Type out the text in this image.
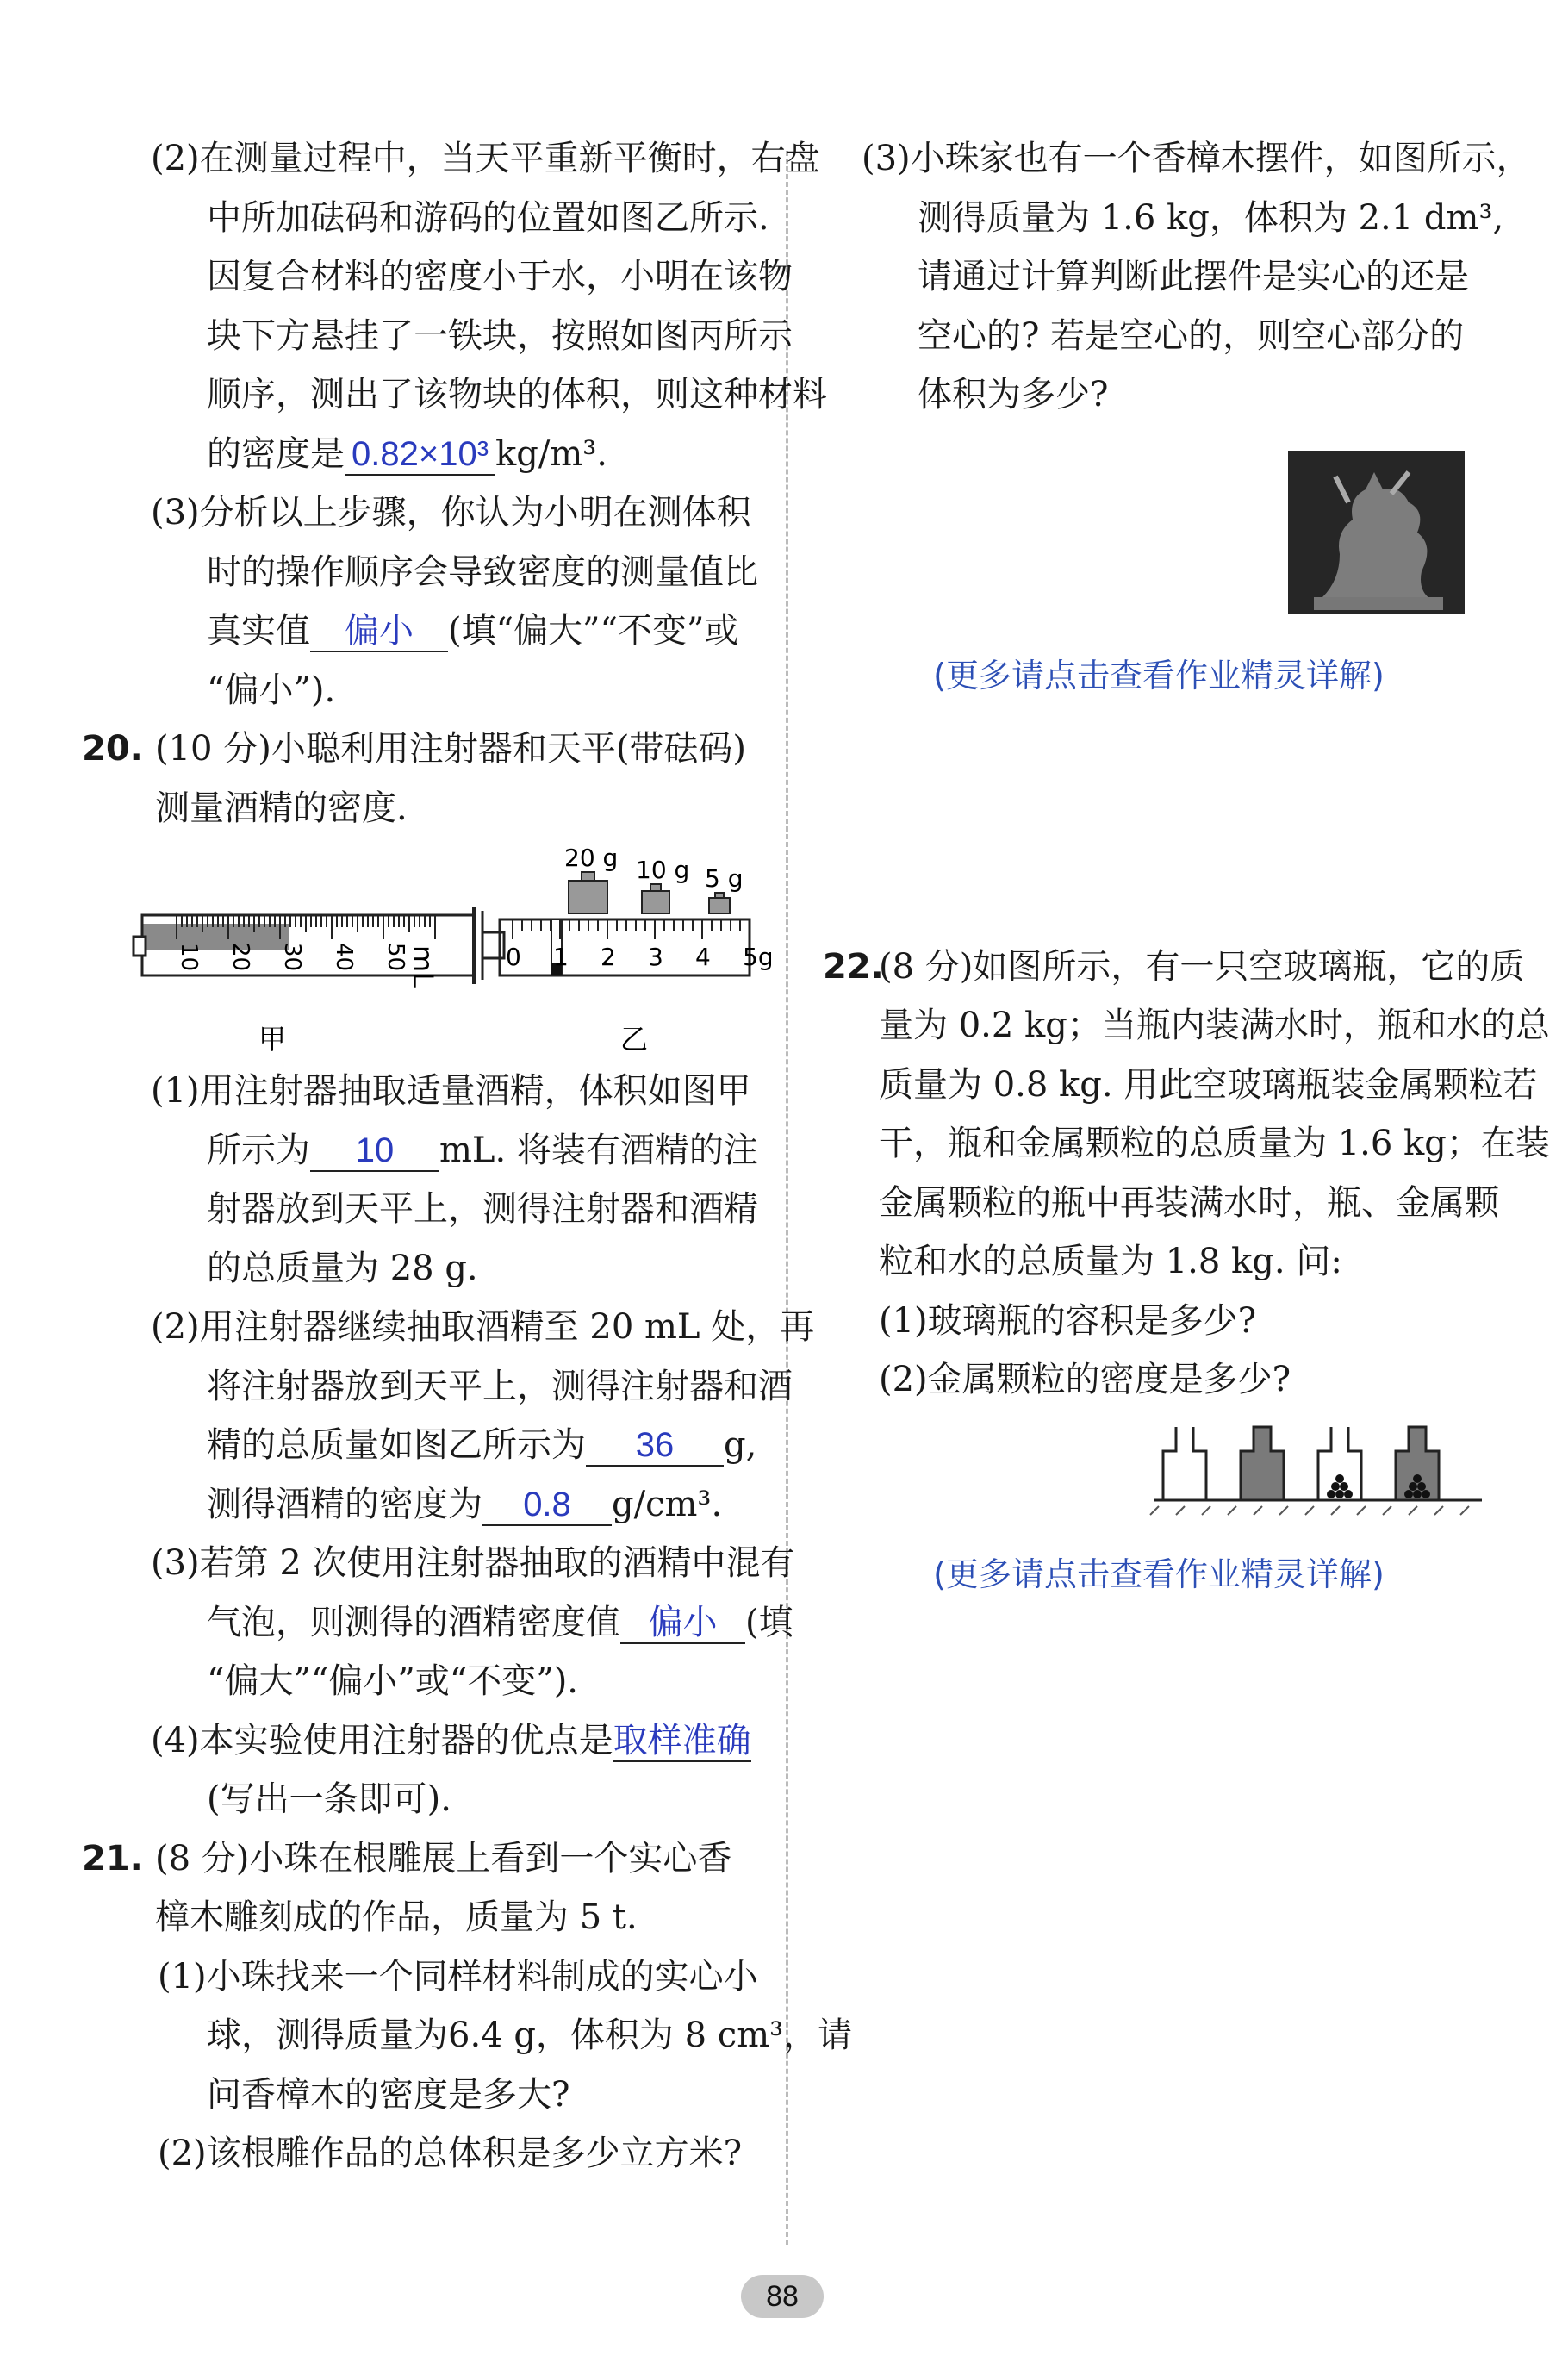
(2)在测量过程中，当天平重新平衡时，右盘
中所加砝码和游码的位置如图乙所示.
因复合材料的密度小于水，小明在该物
块下方悬挂了一铁块，按照如图丙所示
顺序，测出了该物块的体积，则这种材料
的密度是 0.82×10³ kg/m³.
(3)分析以上步骤，你认为小明在测体积
时的操作顺序会导致密度的测量值比
真实值 偏小 (填“偏大”“不变”或
“偏小”).
20. (10 分)小聪利用注射器和天平(带砝码)
测量酒精的密度.
10 20 30 40 50
mL
20 g 10 g 5 g
0 1 2 3 4 5g
甲	乙
(1)用注射器抽取适量酒精，体积如图甲
所示为 10 mL. 将装有酒精的注
射器放到天平上，测得注射器和酒精
的总质量为 28 g.
(2)用注射器继续抽取酒精至 20 mL 处，再
将注射器放到天平上，测得注射器和酒
精的总质量如图乙所示为 36 g,
测得酒精的密度为 0.8 g/cm³.
(3)若第 2 次使用注射器抽取的酒精中混有
气泡，则测得的酒精密度值 偏小 (填
“偏大”“偏小”或“不变”).
(4)本实验使用注射器的优点是取样准确
(写出一条即可).
21. (8 分)小珠在根雕展上看到一个实心香
樟木雕刻成的作品，质量为 5 t.
(1)小珠找来一个同样材料制成的实心小
球，测得质量为6.4 g，体积为 8 cm³，请
问香樟木的密度是多大?
(2)该根雕作品的总体积是多少立方米?
(3)小珠家也有一个香樟木摆件，如图所示，
测得质量为 1.6 kg，体积为 2.1 dm³,
请通过计算判断此摆件是实心的还是
空心的? 若是空心的，则空心部分的
体积为多少?
(更多请点击查看作业精灵详解)
22.(8 分)如图所示，有一只空玻璃瓶，它的质
量为 0.2 kg；当瓶内装满水时，瓶和水的总
质量为 0.8 kg. 用此空玻璃瓶装金属颗粒若
干，瓶和金属颗粒的总质量为 1.6 kg；在装
金属颗粒的瓶中再装满水时，瓶、金属颗
粒和水的总质量为 1.8 kg. 问:
(1)玻璃瓶的容积是多少?
(2)金属颗粒的密度是多少?
(更多请点击查看作业精灵详解)
88
